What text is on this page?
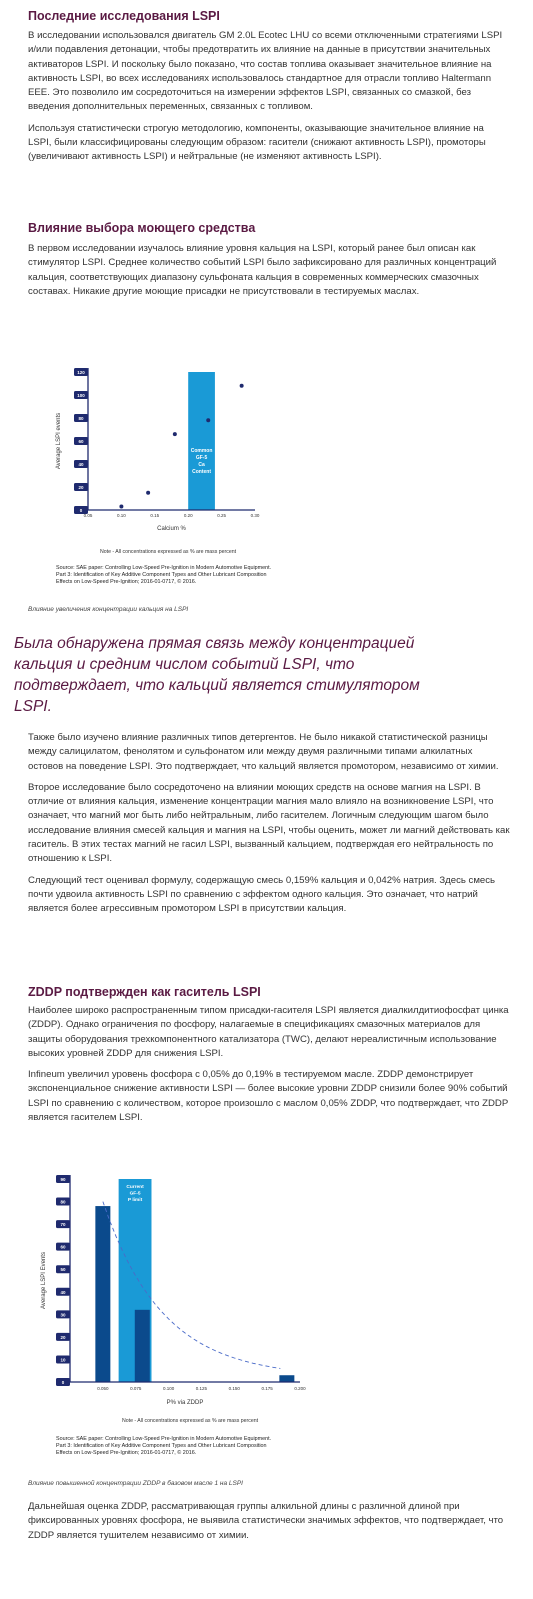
Последние исследования LSPI

В исследовании использовался двигатель GM 2.0L Ecotec LHU со всеми отключенными стратегиями LSPI и/или подавления детонации, чтобы предотвратить их влияние на данные в присутствии значительных активаторов LSPI. И поскольку было показано, что состав топлива оказывает значительное влияние на активность LSPI, во всех исследованиях использовалось стандартное для отрасли топливо Haltermann EEE. Это позволило им сосредоточиться на измерении эффектов LSPI, связанных со смазкой, без введения дополнительных переменных, связанных с топливом.

Используя статистически строгую методологию, компоненты, оказывающие значительное влияние на LSPI, были классифицированы следующим образом: гасители (снижают активность LSPI), промоторы (увеличивают активность LSPI) и нейтральные (не изменяют активность LSPI).

Влияние выбора моющего средства

В первом исследовании изучалось влияние уровня кальция на LSPI, который ранее был описан как стимулятор LSPI. Среднее количество событий LSPI было зафиксировано для различных концентраций кальция, соответствующих диапазону сульфоната кальция в современных коммерческих смазочных составах. Никакие другие моющие присадки не присутствовали в тестируемых маслах.

Common
GF-5
Ca
Content
0
20
40
60
80
100
120
0.05	0.10	0.15	0.20	0.25	0.30
Calcium %
Average LSPI events
Note - All concentrations expressed as % are mass percent
Source: SAE paper: Controlling Low-Speed Pre-Ignition in Modern Automotive Equipment.
Part 3: Identification of Key Additive Component Types and Other Lubricant Composition
Effects on Low-Speed Pre-Ignition; 2016-01-0717, © 2016.
Влияние увеличения концентрации кальция на LSPI
Была обнаружена прямая связь между концентрацией кальция и средним числом событий LSPI, что подтверждает, что кальций является стимулятором LSPI.

Также было изучено влияние различных типов детергентов. Не было никакой статистической разницы между салицилатом, фенолятом и сульфонатом или между двумя различными типами алкилатных остовов на поведение LSPI. Это подтверждает, что кальций является промотором, независимо от химии.

Второе исследование было сосредоточено на влиянии моющих средств на основе магния на LSPI. В отличие от влияния кальция, изменение концентрации магния мало влияло на возникновение LSPI, что означает, что магний мог быть либо нейтральным, либо гасителем. Логичным следующим шагом было исследование влияния смесей кальция и магния на LSPI, чтобы оценить, может ли магний действовать как гаситель. В этих тестах магний не гасил LSPI, вызванный кальцием, подтверждая его нейтральность по отношению к LSPI.

Следующий тест оценивал формулу, содержащую смесь 0,159% кальция и 0,042% натрия. Здесь смесь почти удвоила активность LSPI по сравнению с эффектом одного кальция. Это означает, что натрий является более агрессивным промотором LSPI в присутствии кальция.

ZDDP подтвержден как гаситель LSPI

Наиболее широко распространенным типом присадки-гасителя LSPI является диалкилдитиофосфат цинка (ZDDP). Однако ограничения по фосфору, налагаемые в спецификациях смазочных материалов для защиты оборудования трехкомпонентного катализатора (TWC), делают нереалистичным использование высоких уровней ZDDP для снижения LSPI.

Infineum увеличил уровень фосфора с 0,05% до 0,19% в тестируемом масле. ZDDP демонстрирует экспоненциальное снижение активности LSPI — более высокие уровни ZDDP снизили более 90% событий LSPI по сравнению с количеством, которое произошло с маслом 0,05% ZDDP, что подтверждает, что ZDDP является гасителем LSPI.

Current
GF-5
P limit
0
10
20
30
40
50
60
70
80
90
0.050	0.075	0.100	0.125	0.150	0.175	0.200
P% via ZDDP
Average LSPI Events
Note - All concentrations expressed as % are mass percent
Source: SAE paper: Controlling Low-Speed Pre-Ignition in Modern Automotive Equipment.
Part 3: Identification of Key Additive Component Types and Other Lubricant Composition
Effects on Low-Speed Pre-Ignition; 2016-01-0717, © 2016.
Влияние повышенной концентрации ZDDP в базовом масле 1 на LSPI

Дальнейшая оценка ZDDP, рассматривающая группы алкильной длины с различной длиной при фиксированных уровнях фосфора, не выявила статистически значимых эффектов, что подтверждает, что ZDDP является тушителем независимо от химии.
